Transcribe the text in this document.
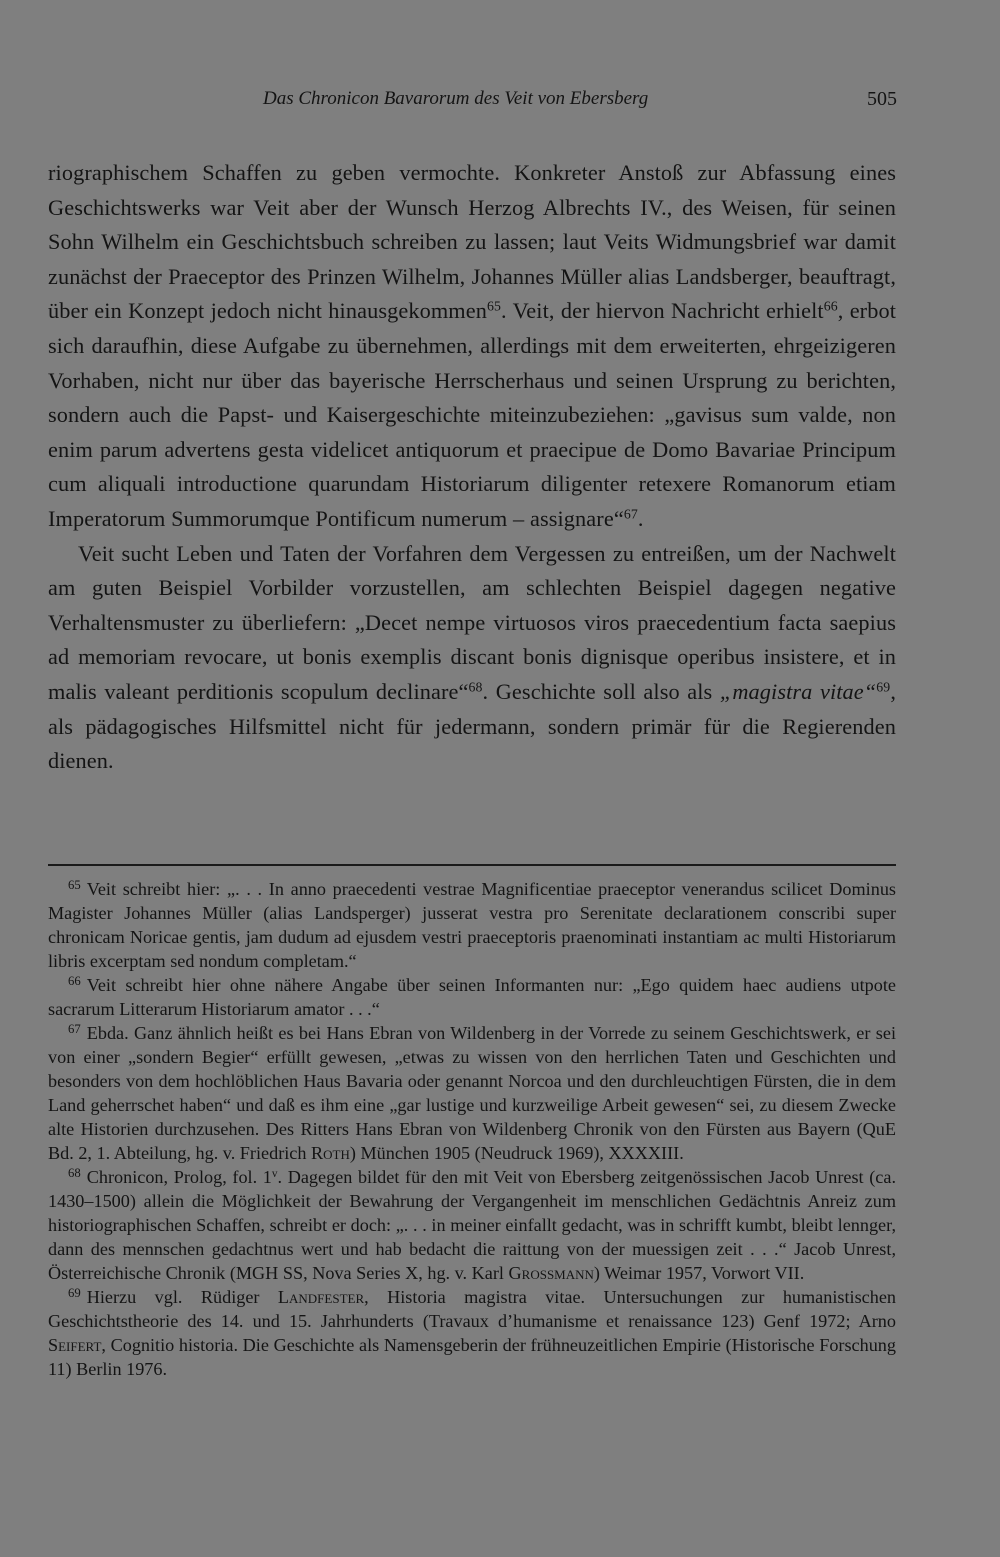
Das Chronicon Bavarorum des Veit von Ebersberg	505

riographischem Schaffen zu geben vermochte. Konkreter Anstoß zur Abfassung eines Geschichtswerks war Veit aber der Wunsch Herzog Albrechts IV., des Weisen, für seinen Sohn Wilhelm ein Geschichtsbuch schreiben zu lassen; laut Veits Widmungsbrief war damit zunächst der Praeceptor des Prinzen Wilhelm, Johannes Müller alias Landsberger, beauftragt, über ein Konzept jedoch nicht hinausgekommen$^{65}$. Veit, der hiervon Nachricht erhielt$^{66}$, erbot sich daraufhin, diese Aufgabe zu übernehmen, allerdings mit dem erweiterten, ehrgeizigeren Vorhaben, nicht nur über das bayerische Herrscherhaus und seinen Ursprung zu berichten, sondern auch die Papst- und Kaisergeschichte miteinzubeziehen: „gavisus sum valde, non enim parum advertens gesta videlicet antiquorum et praecipue de Domo Bavariae Principum cum aliquali introductione quarundam Historiarum diligenter retexere Romanorum etiam Imperatorum Summorumque Pontificum numerum – assignare“$^{67}$.

Veit sucht Leben und Taten der Vorfahren dem Vergessen zu entreißen, um der Nachwelt am guten Beispiel Vorbilder vorzustellen, am schlechten Beispiel dagegen negative Verhaltensmuster zu überliefern: „Decet nempe virtuosos viros praecedentium facta saepius ad memoriam revocare, ut bonis exemplis discant bonis dignisque operibus insistere, et in malis valeant perditionis scopulum declinare“$^{68}$. Geschichte soll also als „magistra vitae“$^{69}$, als pädagogisches Hilfsmittel nicht für jedermann, sondern primär für die Regierenden dienen.

$^{65}$ Veit schreibt hier: „. . . In anno praecedenti vestrae Magnificentiae praeceptor venerandus scilicet Dominus Magister Johannes Müller (alias Landsperger) jusserat vestra pro Serenitate declarationem conscribi super chronicam Noricae gentis, jam dudum ad ejusdem vestri praeceptoris praenominati instantiam ac multi Historiarum libris excerptam sed nondum completam.“

$^{66}$ Veit schreibt hier ohne nähere Angabe über seinen Informanten nur: „Ego quidem haec audiens utpote sacrarum Litterarum Historiarum amator . . .“

$^{67}$ Ebda. Ganz ähnlich heißt es bei Hans Ebran von Wildenberg in der Vorrede zu seinem Geschichtswerk, er sei von einer „sondern Begier“ erfüllt gewesen, „etwas zu wissen von den herrlichen Taten und Geschichten und besonders von dem hochlöblichen Haus Bavaria oder genannt Norcoa und den durchleuchtigen Fürsten, die in dem Land geherrschet haben“ und daß es ihm eine „gar lustige und kurzweilige Arbeit gewesen“ sei, zu diesem Zwecke alte Historien durchzusehen. Des Ritters Hans Ebran von Wildenberg Chronik von den Fürsten aus Bayern (QuE Bd. 2, 1. Abteilung, hg. v. Friedrich Roth) München 1905 (Neudruck 1969), XXXXIII.

$^{68}$ Chronicon, Prolog, fol. 1$^v$. Dagegen bildet für den mit Veit von Ebersberg zeitgenössischen Jacob Unrest (ca. 1430–1500) allein die Möglichkeit der Bewahrung der Vergangenheit im menschlichen Gedächtnis Anreiz zum historiographischen Schaffen, schreibt er doch: „. . . in meiner einfallt gedacht, was in schrifft kumbt, bleibt lennger, dann des mennschen gedachtnus wert und hab bedacht die raittung von der muessigen zeit . . .“ Jacob Unrest, Österreichische Chronik (MGH SS, Nova Series X, hg. v. Karl Grossmann) Weimar 1957, Vorwort VII.

$^{69}$ Hierzu vgl. Rüdiger Landfester, Historia magistra vitae. Untersuchungen zur humanistischen Geschichtstheorie des 14. und 15. Jahrhunderts (Travaux d’humanisme et renaissance 123) Genf 1972; Arno Seifert, Cognitio historia. Die Geschichte als Namensgeberin der frühneuzeitlichen Empirie (Historische Forschung 11) Berlin 1976.
